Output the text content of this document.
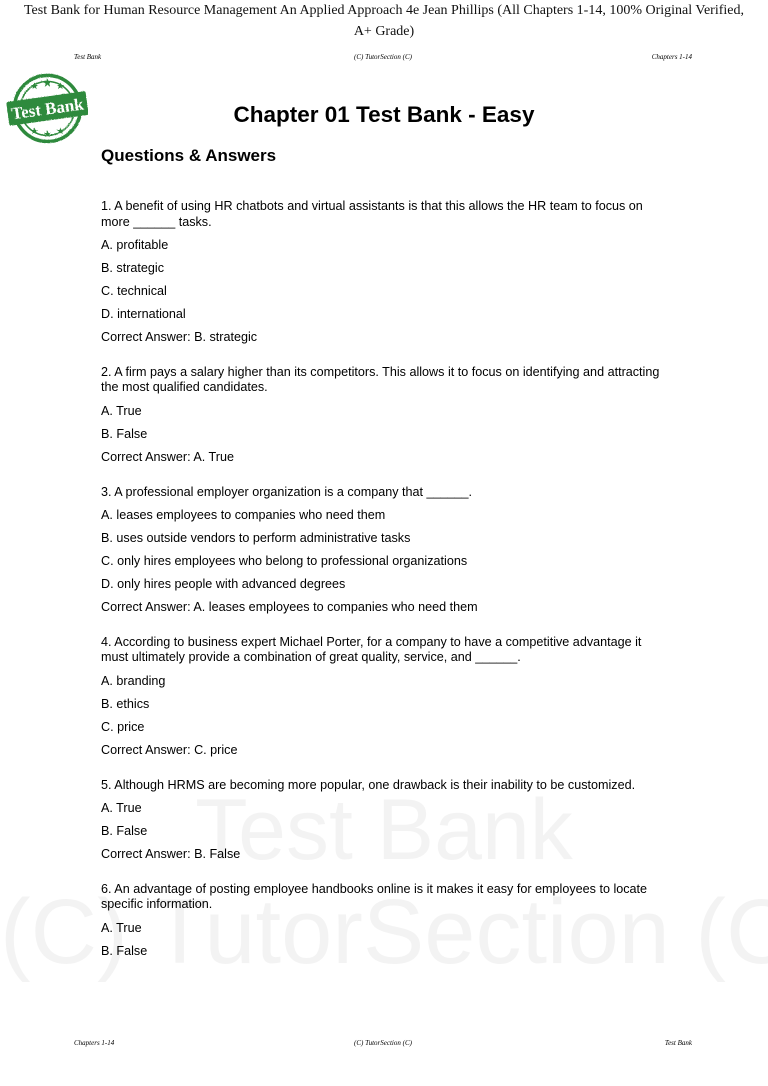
Test Bank for Human Resource Management An Applied Approach 4e Jean Phillips (All Chapters 1-14, 100% Original Verified, A+ Grade)
Test Bank	(C) TutorSection (C)	Chapters 1-14
Test Bank	Chapter 01 Test Bank - Easy
Questions & Answers
1. A benefit of using HR chatbots and virtual assistants is that this allows the HR team to focus on more ______ tasks.
A. profitable
B. strategic
C. technical
D. international
Correct Answer: B. strategic
2. A firm pays a salary higher than its competitors. This allows it to focus on identifying and attracting the most qualified candidates.
A. True
B. False
Correct Answer: A. True
3. A professional employer organization is a company that ______.
A. leases employees to companies who need them
B. uses outside vendors to perform administrative tasks
C. only hires employees who belong to professional organizations
D. only hires people with advanced degrees
Correct Answer: A. leases employees to companies who need them
4. According to business expert Michael Porter, for a company to have a competitive advantage it must ultimately provide a combination of great quality, service, and ______.
A. branding
B. ethics
C. price
Correct Answer: C. price
5. Although HRMS are becoming more popular, one drawback is their inability to be customized.
A. True
B. False
Correct Answer: B. False
6. An advantage of posting employee handbooks online is it makes it easy for employees to locate specific information.
A. True
B. False
Chapters 1-14	(C) TutorSection (C)	Test Bank
